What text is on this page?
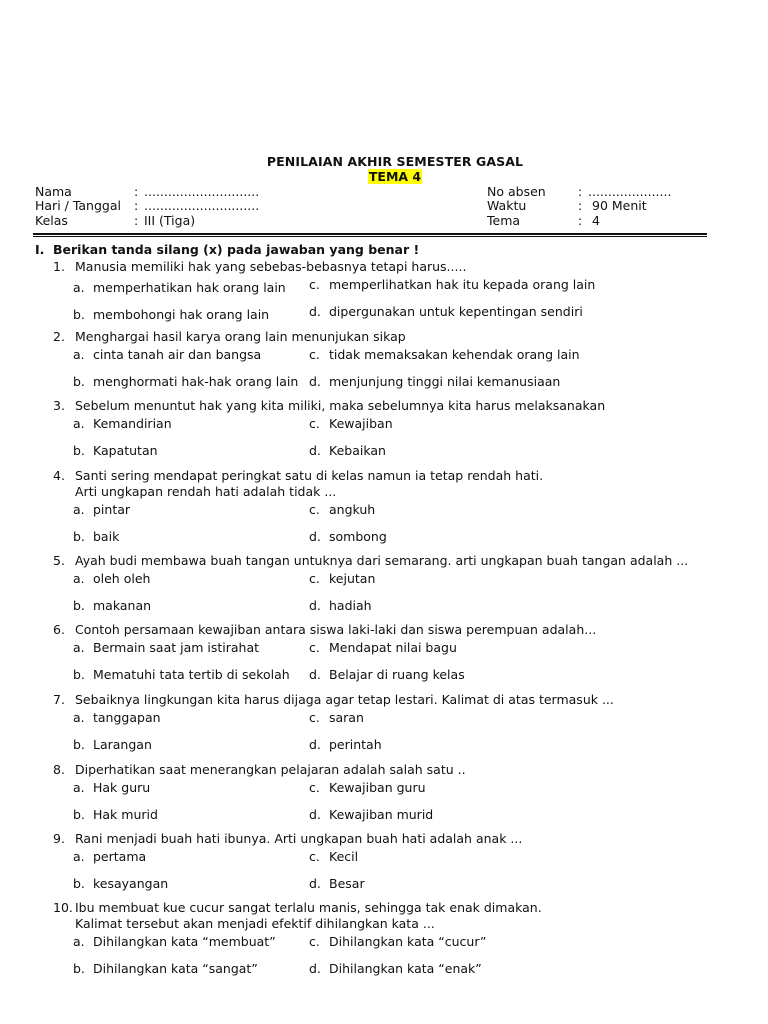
PENILAIAN AKHIR SEMESTER GASAL
TEMA 4
Nama	: .............................
Hari / Tanggal : .............................
Kelas	: III (Tiga)
No absen	: .....................
Waktu	: 90 Menit
Tema	: 4
I. Berikan tanda silang (x) pada jawaban yang benar !
1. Manusia memiliki hak yang sebebas-bebasnya tetapi harus.....
a. memperhatikan hak orang lain c. memperlihatkan hak itu kepada orang lain
b. membohongi hak orang lain	d. dipergunakan untuk kepentingan sendiri
2. Menghargai hasil karya orang lain menunjukan sikap
a. cinta tanah air dan bangsa	c. tidak memaksakan kehendak orang lain
b. menghormati hak-hak orang lain d. menjunjung tinggi nilai kemanusiaan
3. Sebelum menuntut hak yang kita miliki, maka sebelumnya kita harus melaksanakan
a. Kemandirian	c. Kewajiban
b. Kapatutan	d. Kebaikan
4. Santi sering mendapat peringkat satu di kelas namun ia tetap rendah hati.
Arti ungkapan rendah hati adalah tidak ...
a. pintar	c. angkuh
b. baik	d. sombong
5. Ayah budi membawa buah tangan untuknya dari semarang. arti ungkapan buah tangan adalah ...
a. oleh oleh	c. kejutan
b. makanan	d. hadiah
6. Contoh persamaan kewajiban antara siswa laki-laki dan siswa perempuan adalah...
a. Bermain saat jam istirahat	c. Mendapat nilai bagu
b. Mematuhi tata tertib di sekolah d. Belajar di ruang kelas
7. Sebaiknya lingkungan kita harus dijaga agar tetap lestari. Kalimat di atas termasuk ...
a. tanggapan	c. saran
b. Larangan	d. perintah
8. Diperhatikan saat menerangkan pelajaran adalah salah satu ..
a. Hak guru	c. Kewajiban guru
b. Hak murid	d. Kewajiban murid
9. Rani menjadi buah hati ibunya. Arti ungkapan buah hati adalah anak ...
a. pertama	c. Kecil
b. kesayangan	d. Besar
10. Ibu membuat kue cucur sangat terlalu manis, sehingga tak enak dimakan.
Kalimat tersebut akan menjadi efektif dihilangkan kata ...
a. Dihilangkan kata “membuat”	c. Dihilangkan kata “cucur”
b. Dihilangkan kata “sangat”	d. Dihilangkan kata “enak”
